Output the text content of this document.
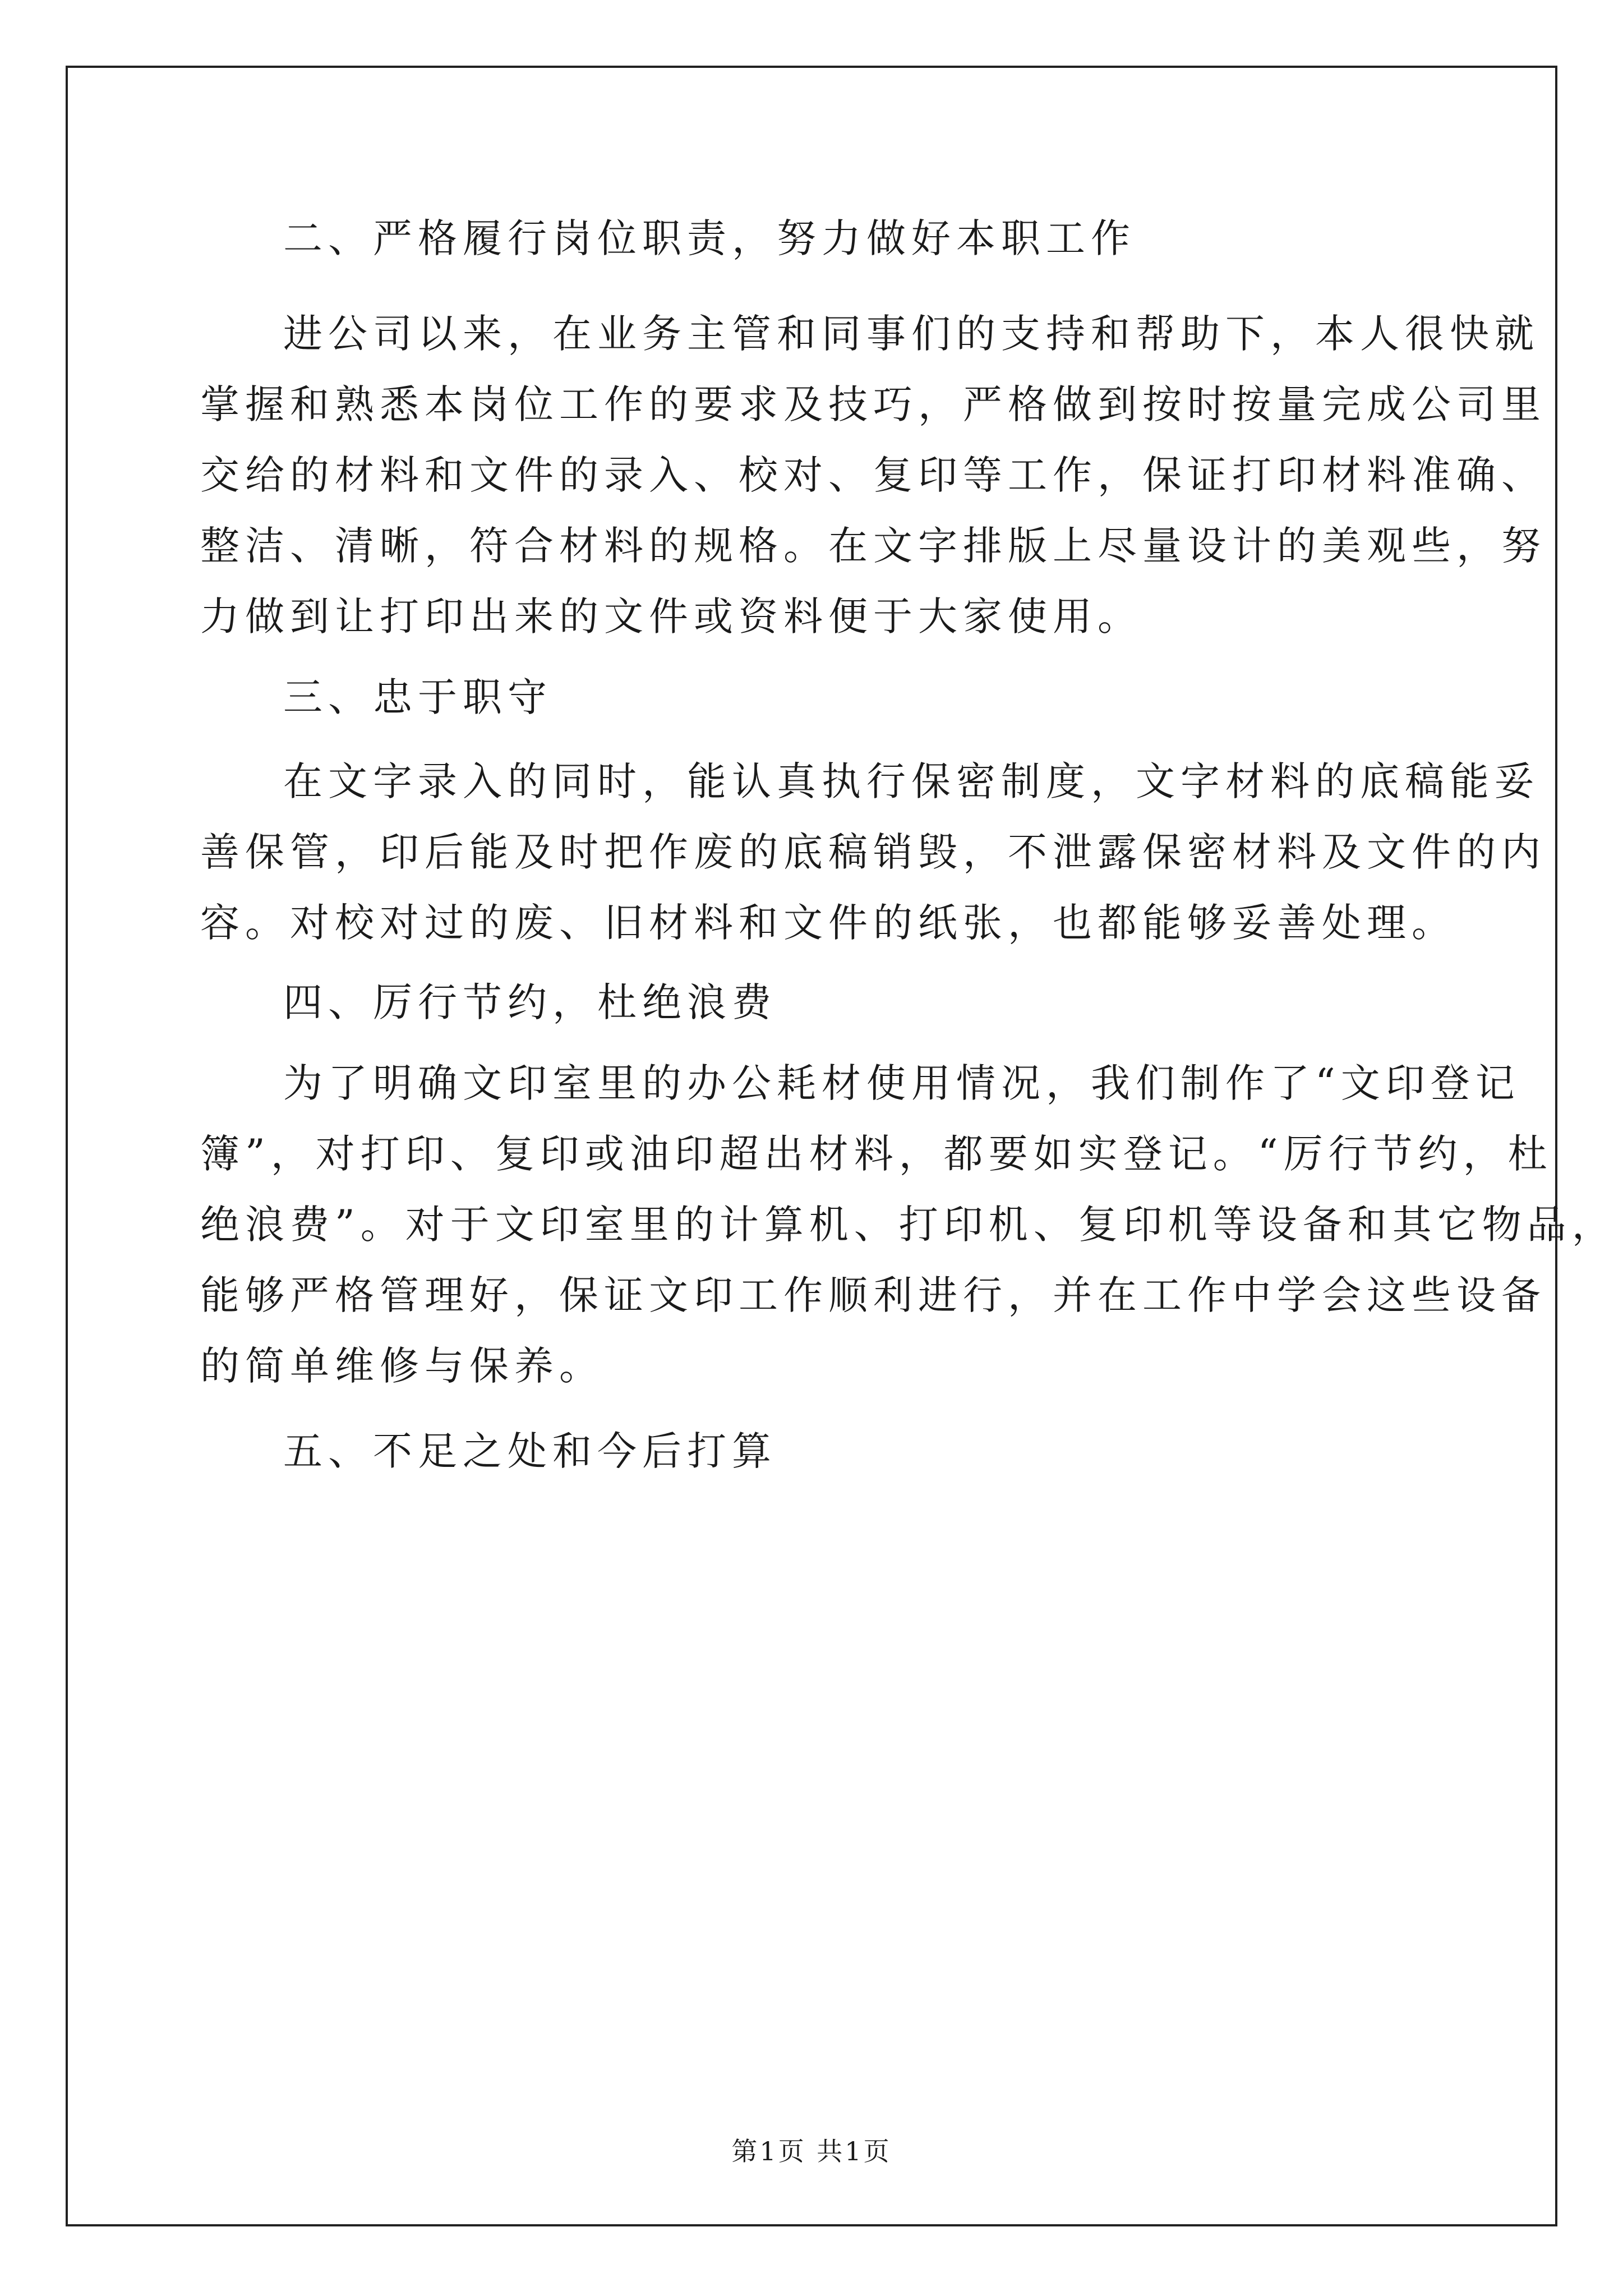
二、严格履行岗位职责，努力做好本职工作
进公司以来，在业务主管和同事们的支持和帮助下，本人很快就
掌握和熟悉本岗位工作的要求及技巧，严格做到按时按量完成公司里
交给的材料和文件的录入、校对、复印等工作，保证打印材料准确、
整洁、清晰，符合材料的规格。在文字排版上尽量设计的美观些，努
力做到让打印出来的文件或资料便于大家使用。
三、忠于职守
在文字录入的同时，能认真执行保密制度，文字材料的底稿能妥
善保管，印后能及时把作废的底稿销毁，不泄露保密材料及文件的内
容。对校对过的废、旧材料和文件的纸张，也都能够妥善处理。
四、厉行节约，杜绝浪费
为了明确文印室里的办公耗材使用情况，我们制作了“文印登记
簿”，对打印、复印或油印超出材料，都要如实登记。“厉行节约，杜
绝浪费”。对于文印室里的计算机、打印机、复印机等设备和其它物品，
能够严格管理好，保证文印工作顺利进行，并在工作中学会这些设备
的简单维修与保养。
五、不足之处和今后打算
第1页 共1页
